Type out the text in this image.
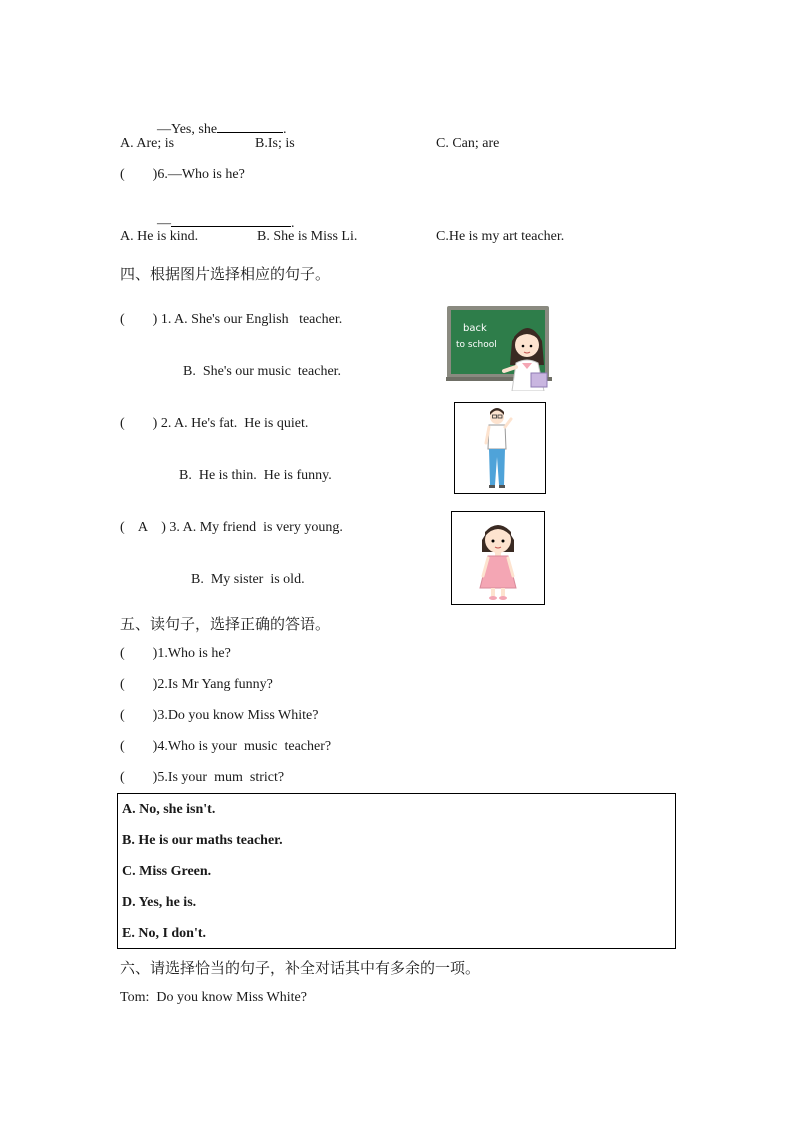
—Yes, she	.

A. Are; is	B.Is; is	C. Can; are
(        )6.—Who is he?

—	.

A. He is kind.	B. She is Miss Li.	C.He is my art teacher.
四、根据图片选择相应的句子。
(        ) 1. A. She's our English   teacher.
B.  She's our music  teacher.
(        ) 2. A. He's fat.  He is quiet.
B.  He is thin.  He is funny.
(    A    ) 3. A. My friend  is very young.
B.  My sister  is old.
back
to school
五、读句子，选择正确的答语。
(        )1.Who is he?
(        )2.Is Mr Yang funny?
(        )3.Do you know Miss White?
(        )4.Who is your  music  teacher?
(        )5.Is your  mum  strict?
A. No, she isn't.
B. He is our maths teacher.
C. Miss Green.
D. Yes, he is.
E. No, I don't.
六、请选择恰当的句子，补全对话其中有多余的一项。
Tom:  Do you know Miss White?
